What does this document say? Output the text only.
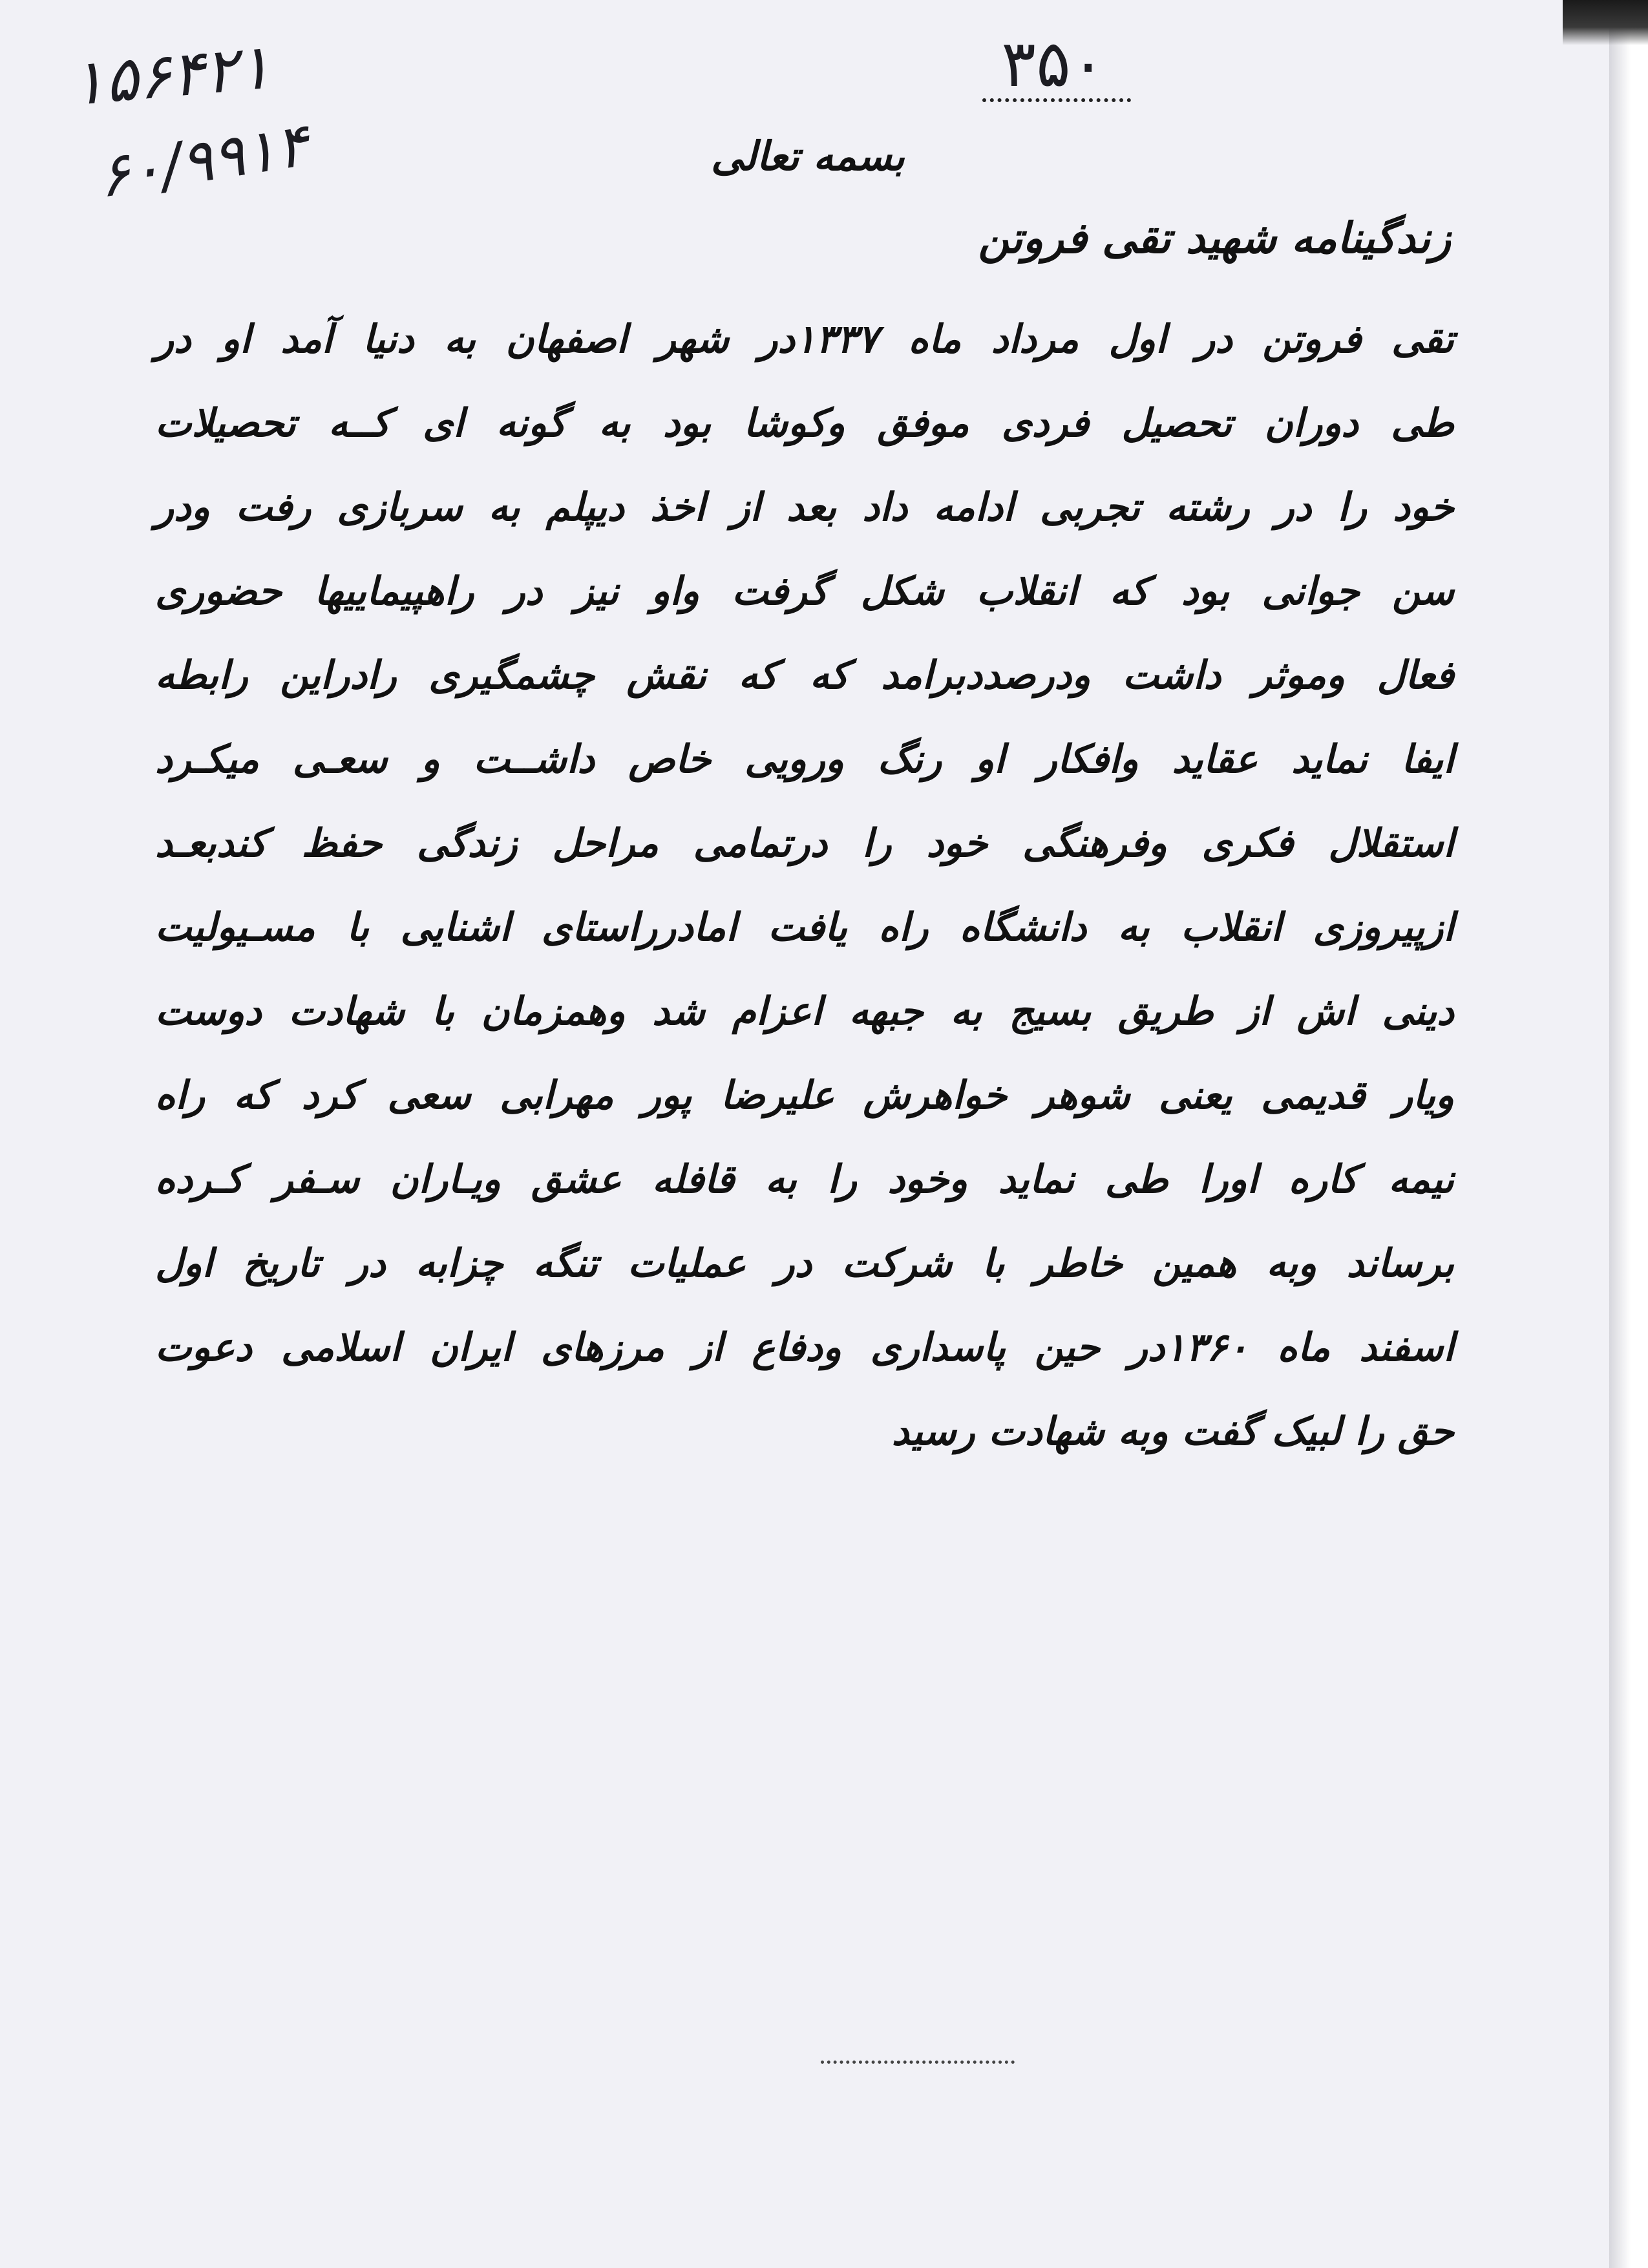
۱۵۶۴۲۱
۶۰/۹۹۱۴
۳۵۰
بسمه تعالی
زندگینامه شهید تقی فروتن
تقی فروتن در اول مرداد ماه ۱۳۳۷در شهر اصفهان به دنیا آمد او در
طی دوران تحصیل فردی موفق وکوشا بود به گونه ای کــه تحصیلات
خود را در رشته تجربی ادامه داد بعد از اخذ دیپلم به سربازی رفت ودر
سن جوانی بود که انقلاب شکل گرفت واو نیز در راهپیماییها حضوری
فعال وموثر داشت ودرصددبرامد که که نقش چشمگیری رادراین رابطه
ایفا نماید عقاید وافکار او رنگ ورویی خاص داشــت و سعـی میکـرد
استقلال فکری وفرهنگی خود را درتمامی مراحل زندگی حفظ کندبعـد
ازپیروزی انقلاب به دانشگاه راه یافت امادرراستای اشنایی با مسـیولیت
دینی اش از طریق بسیج به جبهه اعزام شد وهمزمان با شهادت دوست
ویار قدیمی یعنی شوهر خواهرش علیرضا پور مهرابی سعی کرد که راه
نیمه کاره اورا طی نماید وخود را به قافله عشق ویـاران سـفر کـرده
برساند وبه همین خاطر با شرکت در عملیات تنگه چزابه در تاریخ اول
اسفند ماه ۱۳۶۰در حین پاسداری ودفاع از مرزهای ایران اسلامی دعوت
حق را لبیک گفت وبه شهادت رسید
